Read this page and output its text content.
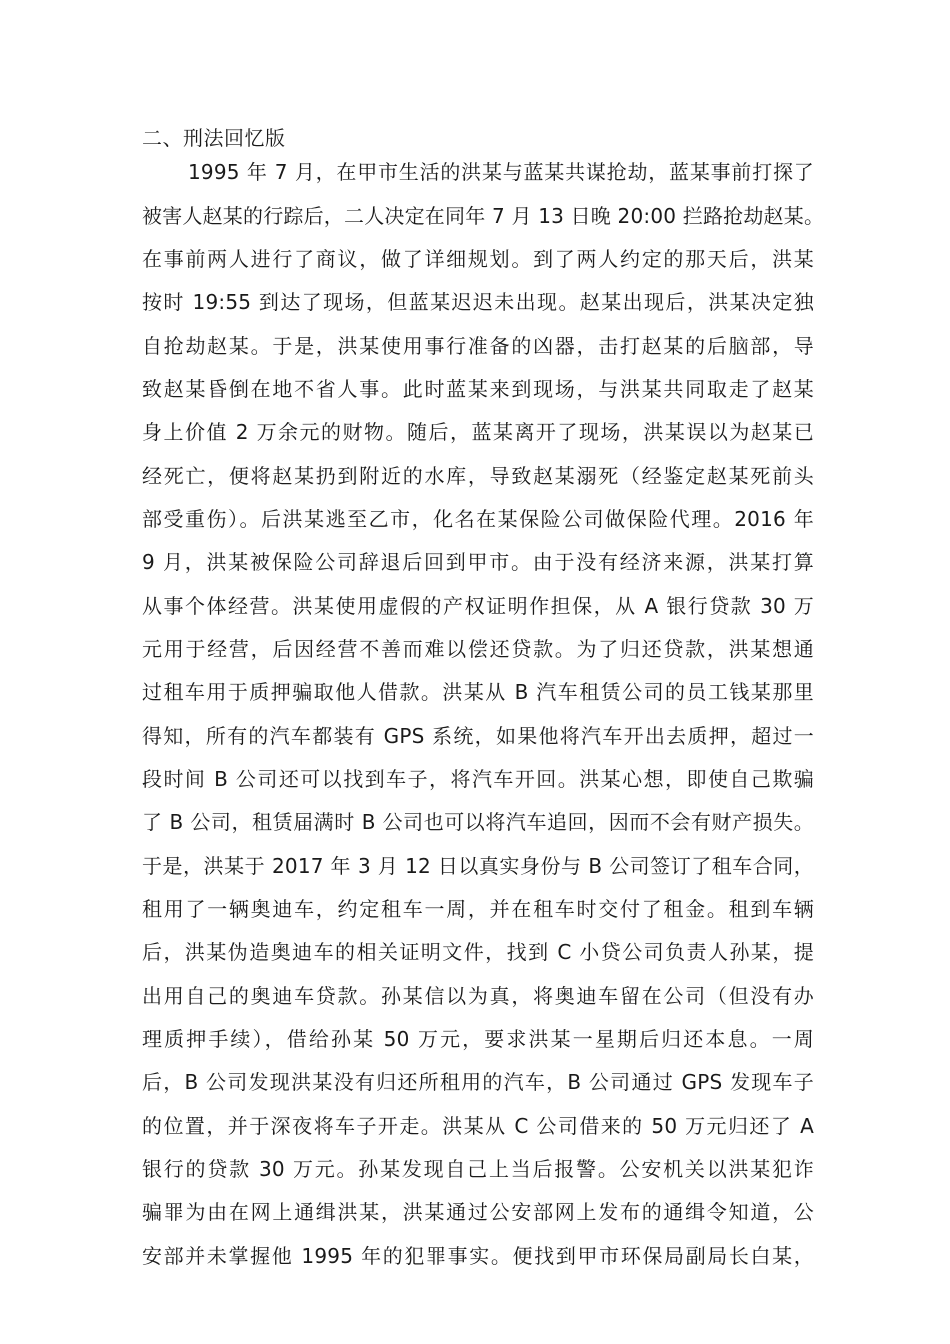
二、刑法回忆版
1995 年 7 月，在甲市生活的洪某与蓝某共谋抢劫，蓝某事前打探了
被害人赵某的行踪后，二人决定在同年 7 月 13 日晚 20:00 拦路抢劫赵某。
在事前两人进行了商议，做了详细规划。到了两人约定的那天后，洪某
按时 19:55 到达了现场，但蓝某迟迟未出现。赵某出现后，洪某决定独
自抢劫赵某。于是，洪某使用事行准备的凶器，击打赵某的后脑部，导
致赵某昏倒在地不省人事。此时蓝某来到现场，与洪某共同取走了赵某
身上价值 2 万余元的财物。随后，蓝某离开了现场，洪某误以为赵某已
经死亡，便将赵某扔到附近的水库，导致赵某溺死（经鉴定赵某死前头
部受重伤）。后洪某逃至乙市，化名在某保险公司做保险代理。2016 年
9 月，洪某被保险公司辞退后回到甲市。由于没有经济来源，洪某打算
从事个体经营。洪某使用虚假的产权证明作担保，从 A 银行贷款 30 万
元用于经营，后因经营不善而难以偿还贷款。为了归还贷款，洪某想通
过租车用于质押骗取他人借款。洪某从 B 汽车租赁公司的员工钱某那里
得知，所有的汽车都装有 GPS 系统，如果他将汽车开出去质押，超过一
段时间 B 公司还可以找到车子，将汽车开回。洪某心想，即使自己欺骗
了 B 公司，租赁届满时 B 公司也可以将汽车追回，因而不会有财产损失。
于是，洪某于 2017 年 3 月 12 日以真实身份与 B 公司签订了租车合同，
租用了一辆奥迪车，约定租车一周，并在租车时交付了租金。租到车辆
后，洪某伪造奥迪车的相关证明文件，找到 C 小贷公司负责人孙某，提
出用自己的奥迪车贷款。孙某信以为真，将奥迪车留在公司（但没有办
理质押手续），借给孙某 50 万元，要求洪某一星期后归还本息。一周
后，B 公司发现洪某没有归还所租用的汽车，B 公司通过 GPS 发现车子
的位置，并于深夜将车子开走。洪某从 C 公司借来的 50 万元归还了 A
银行的贷款 30 万元。孙某发现自己上当后报警。公安机关以洪某犯诈
骗罪为由在网上通缉洪某，洪某通过公安部网上发布的通缉令知道，公
安部并未掌握他 1995 年的犯罪事实。便找到甲市环保局副局长白某，
